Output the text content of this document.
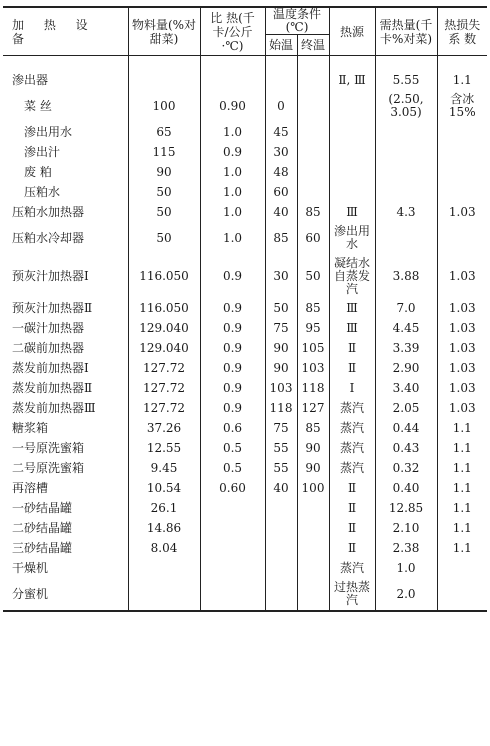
加 热 设 备	物料量(%对甜菜)	比 热(千卡/公斤·℃)	温度条件(℃)		热源	需热量(千卡%对菜)	热损失系 数
			始温	终温			

渗出器					Ⅱ, Ⅲ	5.55	1.1
菜 丝	100	0.90	0			(2.50, 3.05)	含冰 15%
渗出用水	65	1.0	45				
渗出汁	115	0.9	30				
废 粕	90	1.0	48				
压粕水	50	1.0	60				
压粕水加热器	50	1.0	40	85	Ⅲ	4.3	1.03
压粕水冷却器	50	1.0	85	60	渗出用水		
预灰汁加热器Ⅰ	116.050	0.9	30	50	凝结水自蒸发汽	3.88	1.03
预灰汁加热器Ⅱ	116.050	0.9	50	85	Ⅲ	7.0	1.03
一碳汁加热器	129.040	0.9	75	95	Ⅲ	4.45	1.03
二碳前加热器	129.040	0.9	90	105	Ⅱ	3.39	1.03
蒸发前加热器Ⅰ	127.72	0.9	90	103	Ⅱ	2.90	1.03
蒸发前加热器Ⅱ	127.72	0.9	103	118	Ⅰ	3.40	1.03
蒸发前加热器Ⅲ	127.72	0.9	118	127	蒸汽	2.05	1.03
糖浆箱	37.26	0.6	75	85	蒸汽	0.44	1.1
一号原洗蜜箱	12.55	0.5	55	90	蒸汽	0.43	1.1
二号原洗蜜箱	9.45	0.5	55	90	蒸汽	0.32	1.1
再溶槽	10.54	0.60	40	100	Ⅱ	0.40	1.1
一砂结晶罐	26.1				Ⅱ	12.85	1.1
二砂结晶罐	14.86				Ⅱ	2.10	1.1
三砂结晶罐	8.04				Ⅱ	2.38	1.1
干燥机					蒸汽	1.0	
分蜜机					过热蒸汽	2.0	
